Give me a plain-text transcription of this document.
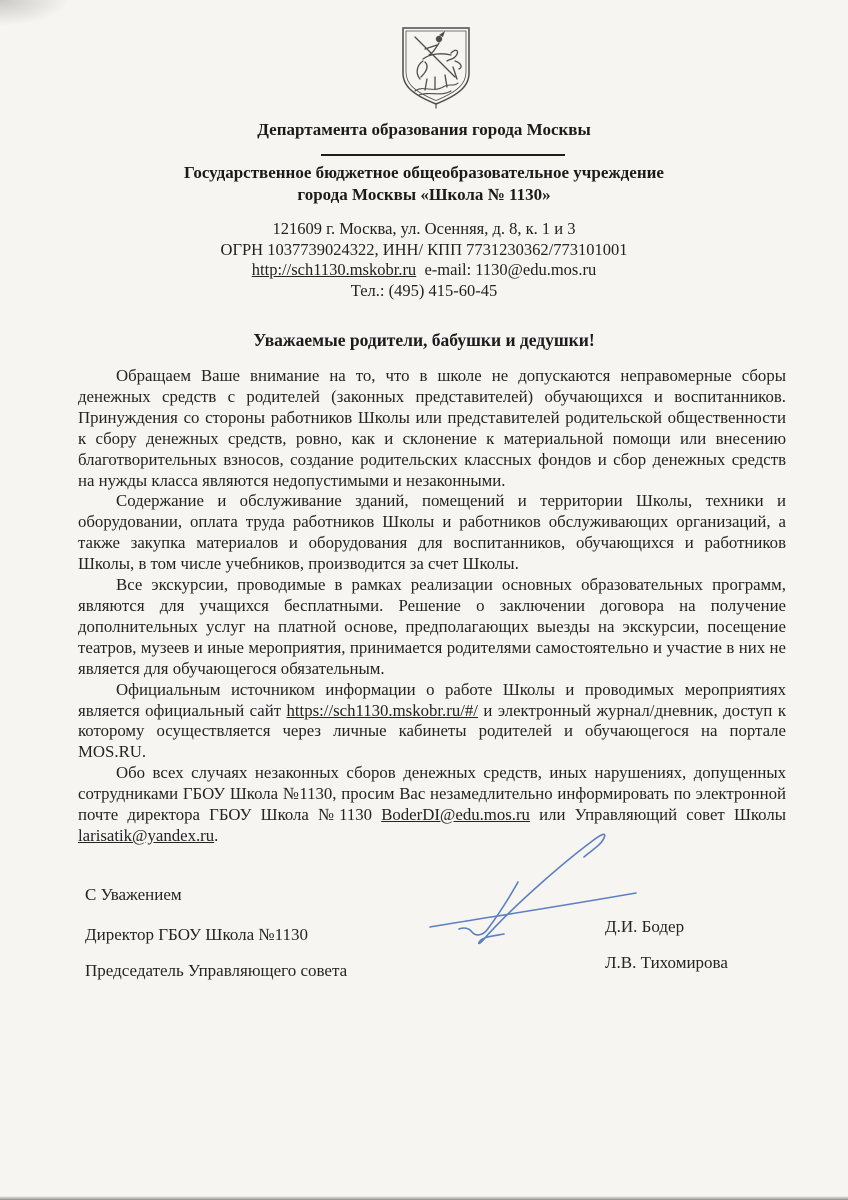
Департамента образования города Москвы
Государственное бюджетное общеобразовательное учреждение
города Москвы «Школа № 1130»
121609 г. Москва, ул. Осенняя, д. 8, к. 1 и 3
ОГРН 1037739024322, ИНН/ КПП 7731230362/773101001
http://sch1130.mskobr.ru e-mail: 1130@edu.mos.ru
Тел.: (495) 415-60-45
Уважаемые родители, бабушки и дедушки!

Обращаем Ваше внимание на то, что в школе не допускаются неправомерные сборы денежных средств с родителей (законных представителей) обучающихся и воспитанников. Принуждения со стороны работников Школы или представителей родительской общественности к сбору денежных средств, ровно, как и склонение к материальной помощи или внесению благотворительных взносов, создание родительских классных фондов и сбор денежных средств на нужды класса являются недопустимыми и незаконными.

Содержание и обслуживание зданий, помещений и территории Школы, техники и оборудовании, оплата труда работников Школы и работников обслуживающих организаций, а также закупка материалов и оборудования для воспитанников, обучающихся и работников Школы, в том числе учебников, производится за счет Школы.

Все экскурсии, проводимые в рамках реализации основных образовательных программ, являются для учащихся бесплатными. Решение о заключении договора на получение дополнительных услуг на платной основе, предполагающих выезды на экскурсии, посещение театров, музеев и иные мероприятия, принимается родителями самостоятельно и участие в них не является для обучающегося обязательным.

Официальным источником информации о работе Школы и проводимых мероприятиях является официальный сайт https://sch1130.mskobr.ru/#/ и электронный журнал/дневник, доступ к которому осуществляется через личные кабинеты родителей и обучающегося на портале MOS.RU.

Обо всех случаях незаконных сборов денежных средств, иных нарушениях, допущенных сотрудниками ГБОУ Школа №1130, просим Вас незамедлительно информировать по электронной почте директора ГБОУ Школа №1130 BoderDI@edu.mos.ru или Управляющий совет Школы larisatik@yandex.ru.

С Уважением
Директор ГБОУ Школа №1130	Д.И. Бодер
Председатель Управляющего совета	Л.В. Тихомирова
